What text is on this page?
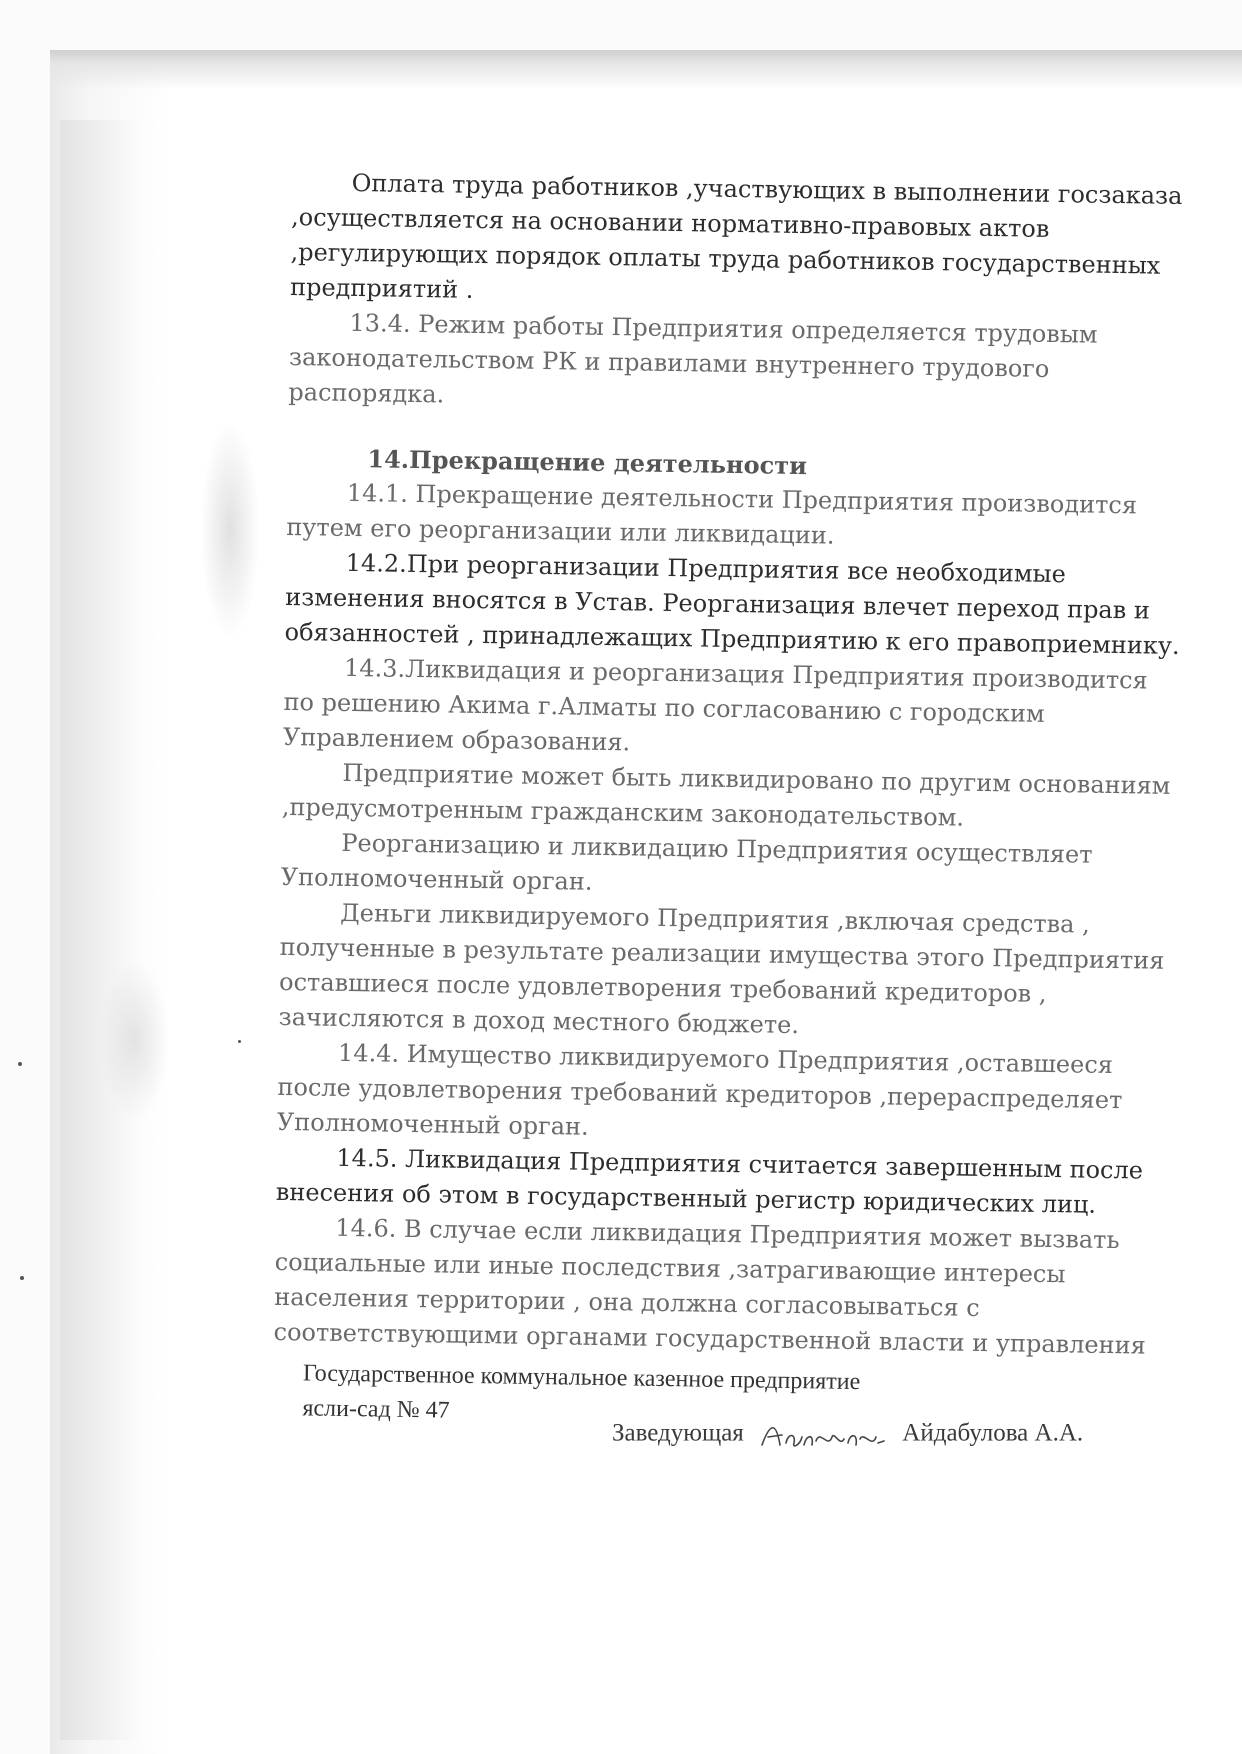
Оплата труда работников ,участвующих в выполнении госзаказа ,осуществляется на основании нормативно-правовых актов ,регулирующих порядок оплаты труда работников государственных предприятий .

13.4. Режим работы Предприятия определяется трудовым законодательством РК и правилами внутреннего трудового распорядка.

14.Прекращение деятельности

14.1. Прекращение деятельности Предприятия производится путем его реорганизации или ликвидации.

14.2.При реорганизации Предприятия все необходимые изменения вносятся в Устав. Реорганизация влечет переход прав и обязанностей , принадлежащих Предприятию к его правоприемнику.

14.3.Ликвидация и реорганизация Предприятия производится по решению Акима г.Алматы по согласованию с городским Управлением образования.

Предприятие может быть ликвидировано по другим основаниям ,предусмотренным гражданским законодательством.

Реорганизацию и ликвидацию Предприятия осуществляет Уполномоченный орган.

Деньги ликвидируемого Предприятия ,включая средства , полученные в результате реализации имущества этого Предприятия оставшиеся после удовлетворения требований кредиторов , зачисляются в доход местного бюджете.

14.4. Имущество ликвидируемого Предприятия ,оставшееся после удовлетворения требований кредиторов ,перераспределяет Уполномоченный орган.

14.5. Ликвидация Предприятия считается завершенным после внесения об этом в государственный регистр юридических лиц.

14.6. В случае если ликвидация Предприятия может вызвать социальные или иные последствия ,затрагивающие интересы населения территории , она должна согласовываться с соответствующими органами государственной власти и управления

Государственное коммунальное казенное предприятие
ясли-сад № 47
Заведующая	Айдабулова А.А.
